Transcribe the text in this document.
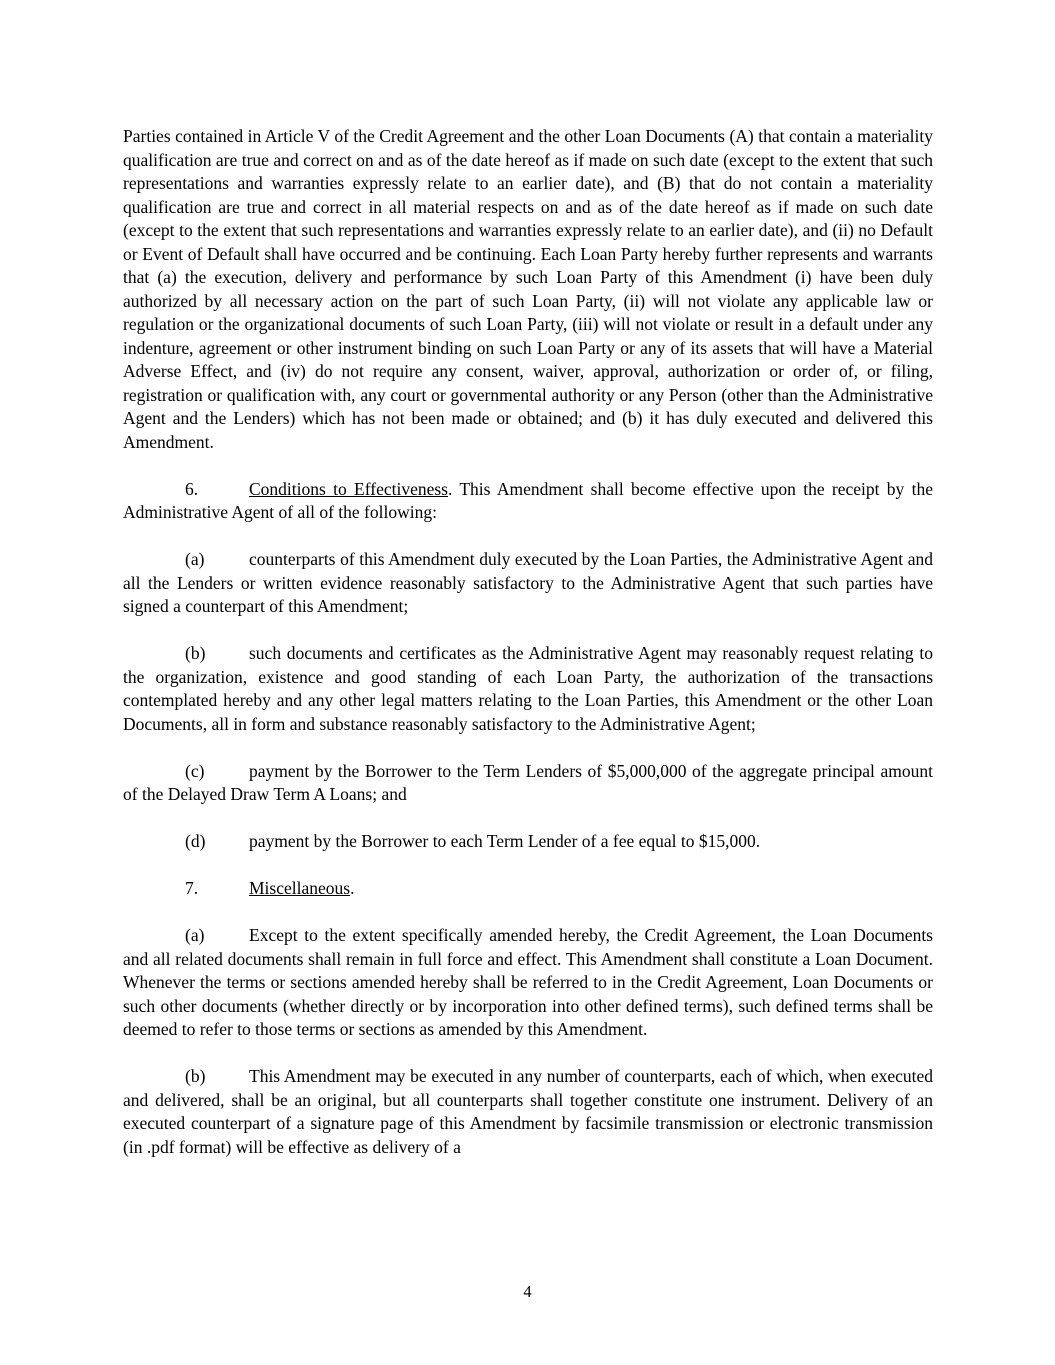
Parties contained in Article V of the Credit Agreement and the other Loan Documents (A) that contain a materiality qualification are true and correct on and as of the date hereof as if made on such date (except to the extent that such representations and warranties expressly relate to an earlier date), and (B) that do not contain a materiality qualification are true and correct in all material respects on and as of the date hereof as if made on such date (except to the extent that such representations and warranties expressly relate to an earlier date), and (ii) no Default or Event of Default shall have occurred and be continuing. Each Loan Party hereby further represents and warrants that (a) the execution, delivery and performance by such Loan Party of this Amendment (i) have been duly authorized by all necessary action on the part of such Loan Party, (ii) will not violate any applicable law or regulation or the organizational documents of such Loan Party, (iii) will not violate or result in a default under any indenture, agreement or other instrument binding on such Loan Party or any of its assets that will have a Material Adverse Effect, and (iv) do not require any consent, waiver, approval, authorization or order of, or filing, registration or qualification with, any court or governmental authority or any Person (other than the Administrative Agent and the Lenders) which has not been made or obtained; and (b) it has duly executed and delivered this Amendment.

6.	Conditions to Effectiveness. This Amendment shall become effective upon the receipt by the Administrative Agent of all of the following:

(a)	counterparts of this Amendment duly executed by the Loan Parties, the Administrative Agent and all the Lenders or written evidence reasonably satisfactory to the Administrative Agent that such parties have signed a counterpart of this Amendment;

(b) such documents and certificates as the Administrative Agent may reasonably request relating to the organization, existence and good standing of each Loan Party, the authorization of the transactions contemplated hereby and any other legal matters relating to the Loan Parties, this Amendment or the other Loan Documents, all in form and substance reasonably satisfactory to the Administrative Agent;

(c)	payment by the Borrower to the Term Lenders of $5,000,000 of the aggregate principal amount of the Delayed Draw Term A Loans; and

(d) payment by the Borrower to each Term Lender of a fee equal to $15,000.

7.	Miscellaneous.

(a)	Except to the extent specifically amended hereby, the Credit Agreement, the Loan Documents and all related documents shall remain in full force and effect. This Amendment shall constitute a Loan Document. Whenever the terms or sections amended hereby shall be referred to in the Credit Agreement, Loan Documents or such other documents (whether directly or by incorporation into other defined terms), such defined terms shall be deemed to refer to those terms or sections as amended by this Amendment.

(b) This Amendment may be executed in any number of counterparts, each of which, when executed and delivered, shall be an original, but all counterparts shall together constitute one instrument. Delivery of an executed counterpart of a signature page of this Amendment by facsimile transmission or electronic transmission (in .pdf format) will be effective as delivery of a

4
